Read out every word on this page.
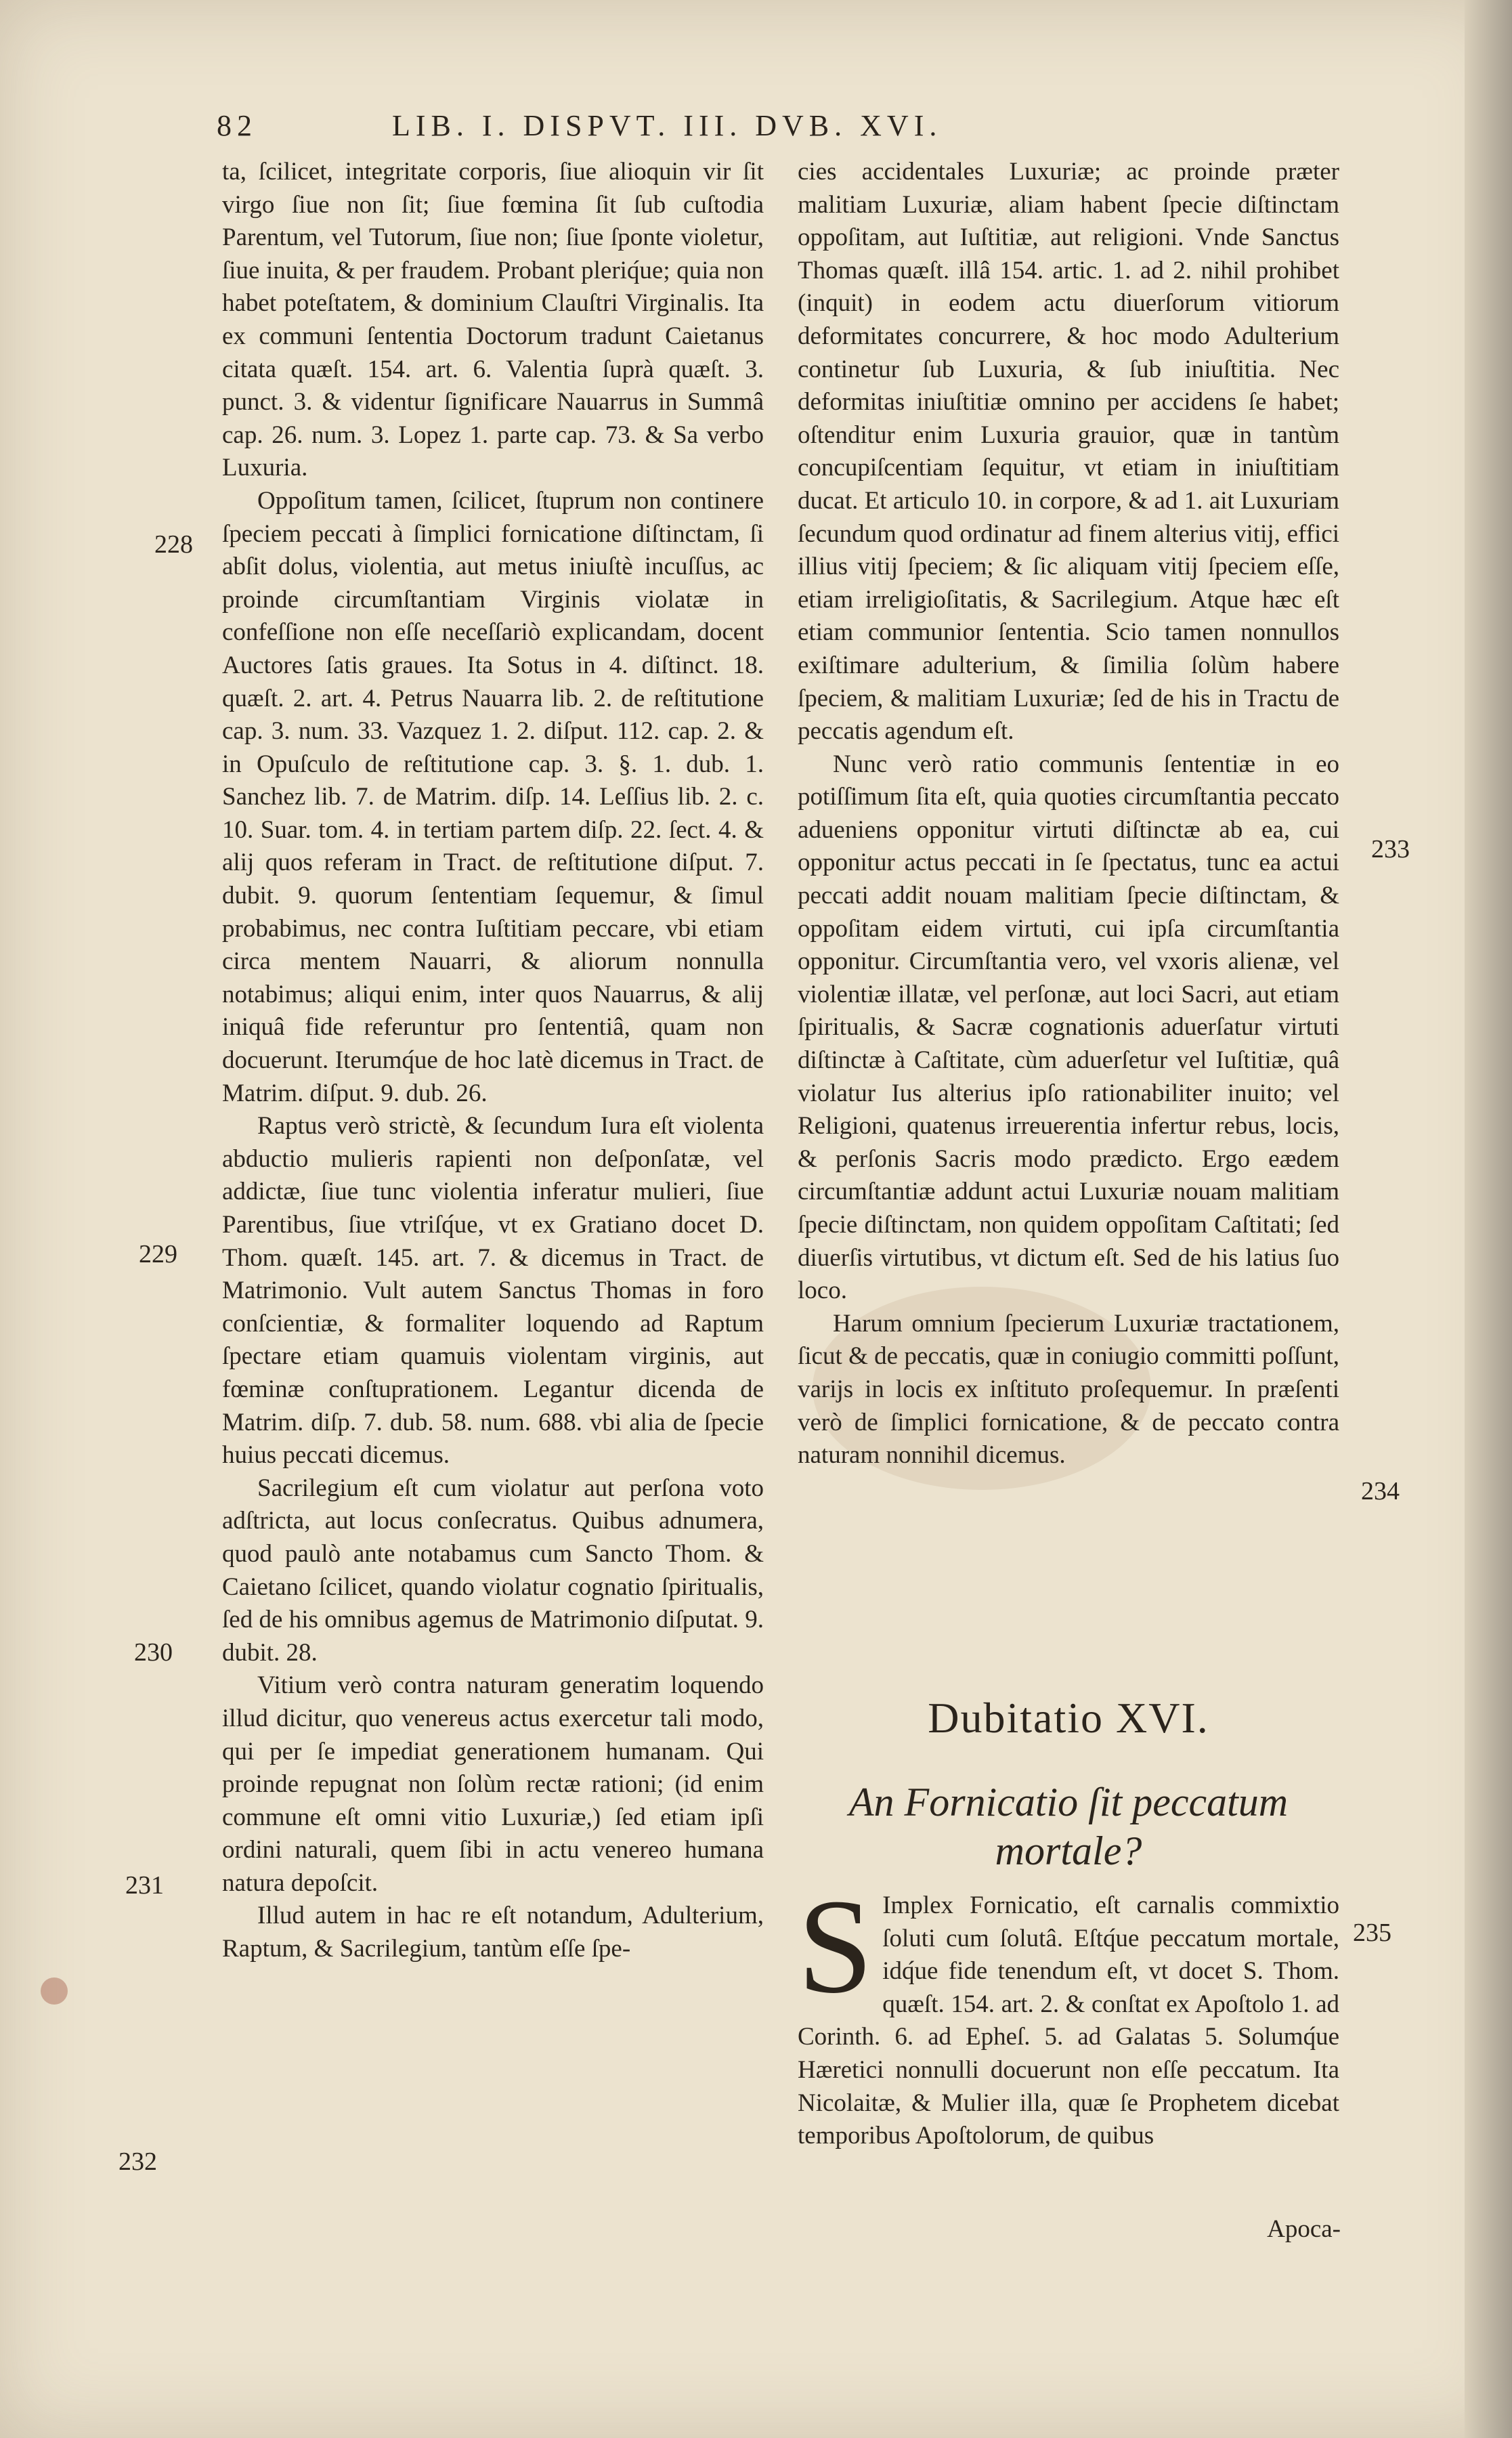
82	LIB. I. DISPVT. III. DVB. XVI.

ta, ſcilicet, integritate corporis, ſiue alioquin vir ſit virgo ſiue non ſit; ſiue fœmina ſit ſub cuſtodia Parentum, vel Tutorum, ſiue non; ſiue ſponte violetur, ſiue inuita, & per fraudem. Probant pleriq́ue; quia non habet poteſtatem, & dominium Clauſtri Virginalis. Ita ex communi ſententia Doctorum tradunt Caietanus citata quæſt. 154. art. 6. Valentia ſuprà quæſt. 3. punct. 3. & videntur ſignificare Nauarrus in Summâ cap. 26. num. 3. Lopez 1. parte cap. 73. & Sa verbo Luxuria.

Oppoſitum tamen, ſcilicet, ſtuprum non continere ſpeciem peccati à ſimplici fornicatione diſtinctam, ſi abſit dolus, violentia, aut metus iniuſtè incuſſus, ac proinde circumſtantiam Virginis violatæ in confeſſione non eſſe neceſſariò explicandam, docent Auctores ſatis graues. Ita Sotus in 4. diſtinct. 18. quæſt. 2. art. 4. Petrus Nauarra lib. 2. de reſtitutione cap. 3. num. 33. Vazquez 1. 2. diſput. 112. cap. 2. & in Opuſculo de reſtitutione cap. 3. §. 1. dub. 1. Sanchez lib. 7. de Matrim. diſp. 14. Leſſius lib. 2. c. 10. Suar. tom. 4. in tertiam partem diſp. 22. ſect. 4. & alij quos referam in Tract. de reſtitutione diſput. 7. dubit. 9. quorum ſententiam ſequemur, & ſimul probabimus, nec contra Iuſtitiam peccare, vbi etiam circa mentem Nauarri, & aliorum nonnulla notabimus; aliqui enim, inter quos Nauarrus, & alij iniquâ fide referuntur pro ſententiâ, quam non docuerunt. Iterumq́ue de hoc latè dicemus in Tract. de Matrim. diſput. 9. dub. 26.

Raptus verò strictè, & ſecundum Iura eſt violenta abductio mulieris rapienti non deſponſatæ, vel addictæ, ſiue tunc violentia inferatur mulieri, ſiue Parentibus, ſiue vtriſq́ue, vt ex Gratiano docet D. Thom. quæſt. 145. art. 7. & dicemus in Tract. de Matrimonio. Vult autem Sanctus Thomas in foro conſcientiæ, & formaliter loquendo ad Raptum ſpectare etiam quamuis violentam virginis, aut fœminæ conſtuprationem. Legantur dicenda de Matrim. diſp. 7. dub. 58. num. 688. vbi alia de ſpecie huius peccati dicemus.

Sacrilegium eſt cum violatur aut perſona voto adſtricta, aut locus conſecratus. Quibus adnumera, quod paulò ante notabamus cum Sancto Thom. & Caietano ſcilicet, quando violatur cognatio ſpiritualis, ſed de his omnibus agemus de Matrimonio diſputat. 9. dubit. 28.

Vitium verò contra naturam generatim loquendo illud dicitur, quo venereus actus exercetur tali modo, qui per ſe impediat generationem humanam. Qui proinde repugnat non ſolùm rectæ rationi; (id enim commune eſt omni vitio Luxuriæ,) ſed etiam ipſi ordini naturali, quem ſibi in actu venereo humana natura depoſcit.

Illud autem in hac re eſt notandum, Adulterium, Raptum, & Sacrilegium, tantùm eſſe ſpe-

cies accidentales Luxuriæ; ac proinde præter malitiam Luxuriæ, aliam habent ſpecie diſtinctam oppoſitam, aut Iuſtitiæ, aut religioni. Vnde Sanctus Thomas quæſt. illâ 154. artic. 1. ad 2. nihil prohibet (inquit) in eodem actu diuerſorum vitiorum deformitates concurrere, & hoc modo Adulterium continetur ſub Luxuria, & ſub iniuſtitia. Nec deformitas iniuſtitiæ omnino per accidens ſe habet; oſtenditur enim Luxuria grauior, quæ in tantùm concupiſcentiam ſequitur, vt etiam in iniuſtitiam ducat. Et articulo 10. in corpore, & ad 1. ait Luxuriam ſecundum quod ordinatur ad finem alterius vitij, effici illius vitij ſpeciem; & ſic aliquam vitij ſpeciem eſſe, etiam irreligioſitatis, & Sacrilegium. Atque hæc eſt etiam communior ſententia. Scio tamen nonnullos exiſtimare adulterium, & ſimilia ſolùm habere ſpeciem, & malitiam Luxuriæ; ſed de his in Tractu de peccatis agendum eſt.

Nunc verò ratio communis ſententiæ in eo potiſſimum ſita eſt, quia quoties circumſtantia peccato adueniens opponitur virtuti diſtinctæ ab ea, cui opponitur actus peccati in ſe ſpectatus, tunc ea actui peccati addit nouam malitiam ſpecie diſtinctam, & oppoſitam eidem virtuti, cui ipſa circumſtantia opponitur. Circumſtantia vero, vel vxoris alienæ, vel violentiæ illatæ, vel perſonæ, aut loci Sacri, aut etiam ſpiritualis, & Sacræ cognationis aduerſatur virtuti diſtinctæ à Caſtitate, cùm aduerſetur vel Iuſtitiæ, quâ violatur Ius alterius ipſo rationabiliter inuito; vel Religioni, quatenus irreuerentia infertur rebus, locis, & perſonis Sacris modo prædicto. Ergo eædem circumſtantiæ addunt actui Luxuriæ nouam malitiam ſpecie diſtinctam, non quidem oppoſitam Caſtitati; ſed diuerſis virtutibus, vt dictum eſt. Sed de his latius ſuo loco.

Harum omnium ſpecierum Luxuriæ tractationem, ſicut & de peccatis, quæ in coniugio committi poſſunt, varijs in locis ex inſtituto proſequemur. In præſenti verò de ſimplici fornicatione, & de peccato contra naturam nonnihil dicemus.

Dubitatio XVI.
An Fornicatio ſit peccatum
mortale?
S Implex Fornicatio, eſt carnalis commixtio ſoluti cum ſolutâ. Eſtq́ue peccatum mortale, idq́ue fide tenendum eſt, vt docet S. Thom. quæſt. 154. art. 2. & conſtat ex Apoſtolo 1. ad Corinth. 6. ad Epheſ. 5. ad Galatas 5. Solumq́ue Hæretici nonnulli docuerunt non eſſe peccatum. Ita Nicolaitæ, & Mulier illa, quæ ſe Prophetem dicebat temporibus Apoſtolorum, de quibus
Apoca-
228
229
230
231
232
233
234
235
